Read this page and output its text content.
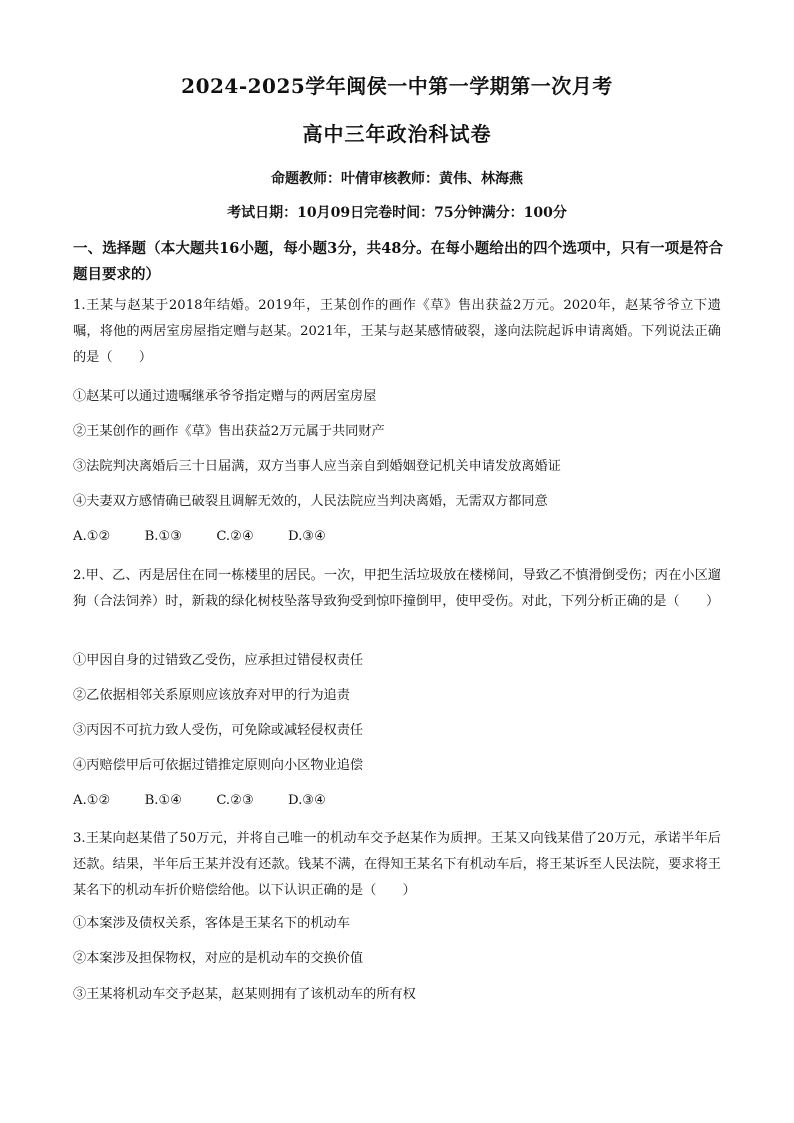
2024-2025学年闽侯一中第一学期第一次月考
高中三年政治科试卷
命题教师：叶倩审核教师：黄伟、林海燕
考试日期：10月09日完卷时间：75分钟满分：100分
一、选择题（本大题共16小题，每小题3分，共48分。在每小题给出的四个选项中，只有一项是符合题目要求的）
1.王某与赵某于2018年结婚。2019年，王某创作的画作《草》售出获益2万元。2020年，赵某爷爷立下遗嘱，将他的两居室房屋指定赠与赵某。2021年，王某与赵某感情破裂，遂向法院起诉申请离婚。下列说法正确的是（　　）
①赵某可以通过遗嘱继承爷爷指定赠与的两居室房屋
②王某创作的画作《草》售出获益2万元属于共同财产
③法院判决离婚后三十日届满，双方当事人应当亲自到婚姻登记机关申请发放离婚证
④夫妻双方感情确已破裂且调解无效的，人民法院应当判决离婚，无需双方都同意
A.①②	B.①③	C.②④	D.③④
2.甲、乙、丙是居住在同一栋楼里的居民。一次，甲把生活垃圾放在楼梯间，导致乙不慎滑倒受伤；丙在小区遛狗（合法饲养）时，新栽的绿化树枝坠落导致狗受到惊吓撞倒甲，使甲受伤。对此，下列分析正确的是（　　）
①甲因自身的过错致乙受伤，应承担过错侵权责任
②乙依据相邻关系原则应该放弃对甲的行为追责
③丙因不可抗力致人受伤，可免除或减轻侵权责任
④丙赔偿甲后可依据过错推定原则向小区物业追偿
A.①②	B.①④	C.②③	D.③④
3.王某向赵某借了50万元，并将自己唯一的机动车交予赵某作为质押。王某又向钱某借了20万元，承诺半年后还款。结果，半年后王某并没有还款。钱某不满，在得知王某名下有机动车后，将王某诉至人民法院，要求将王某名下的机动车折价赔偿给他。以下认识正确的是（　　）
①本案涉及债权关系，客体是王某名下的机动车
②本案涉及担保物权，对应的是机动车的交换价值
③王某将机动车交予赵某，赵某则拥有了该机动车的所有权
